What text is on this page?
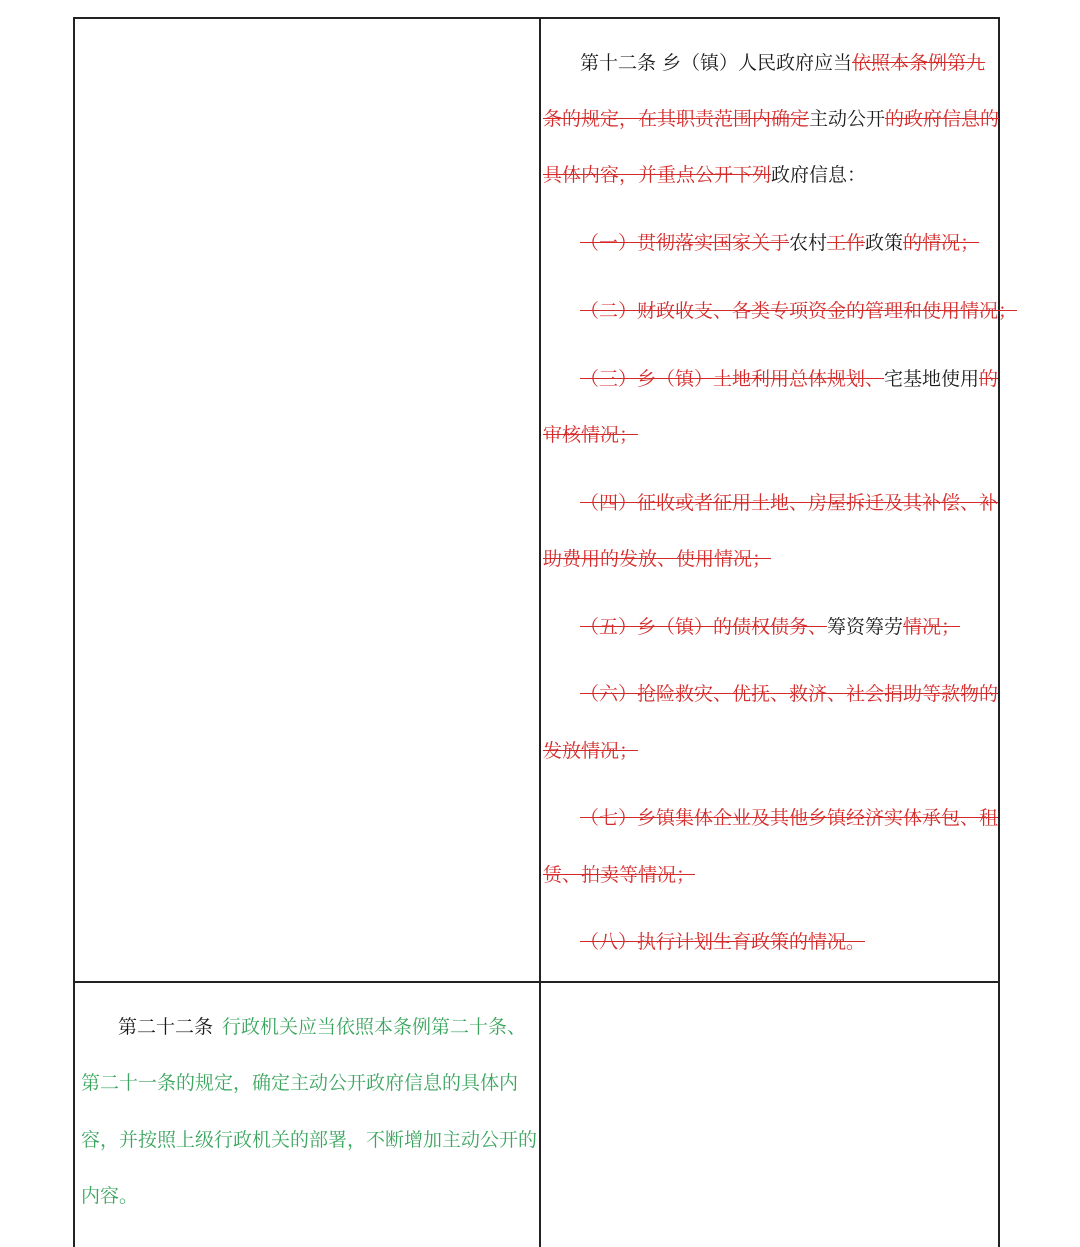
第十二条 乡（镇）人民政府应当依照本条例第九
条的规定，在其职责范围内确定主动公开的政府信息的
具体内容，并重点公开下列政府信息：
（一）贯彻落实国家关于农村工作政策的情况；
（二）财政收支、各类专项资金的管理和使用情况；
（三）乡（镇）土地利用总体规划、宅基地使用的
审核情况；
（四）征收或者征用土地、房屋拆迁及其补偿、补
助费用的发放、使用情况；
（五）乡（镇）的债权债务、筹资筹劳情况；
（六）抢险救灾、优抚、救济、社会捐助等款物的
发放情况；
（七）乡镇集体企业及其他乡镇经济实体承包、租
赁、拍卖等情况；
（八）执行计划生育政策的情况。
第二十二条 行政机关应当依照本条例第二十条、
第二十一条的规定，确定主动公开政府信息的具体内
容，并按照上级行政机关的部署，不断增加主动公开的
内容。
